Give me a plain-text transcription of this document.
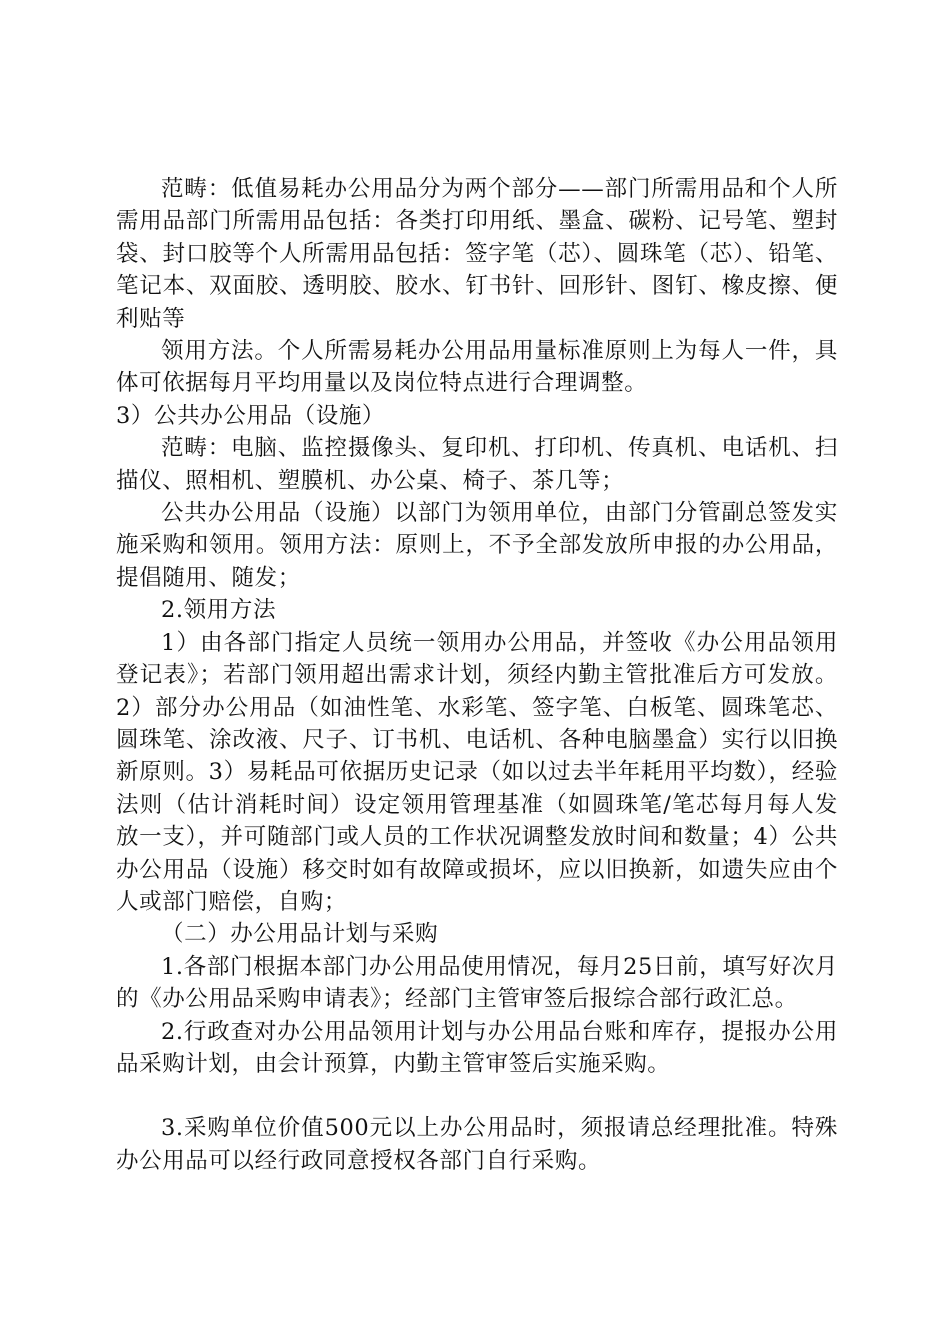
范畴：低值易耗办公用品分为两个部分——部门所需用品和个人所需用品部门所需用品包括：各类打印用纸、墨盒、碳粉、记号笔、塑封袋、封口胶等个人所需用品包括：签字笔（芯）、圆珠笔（芯）、铅笔、笔记本、双面胶、透明胶、胶水、钉书针、回形针、图钉、橡皮擦、便利贴等

领用方法。个人所需易耗办公用品用量标准原则上为每人一件，具体可依据每月平均用量以及岗位特点进行合理调整。

3）公共办公用品（设施）

范畴：电脑、监控摄像头、复印机、打印机、传真机、电话机、扫描仪、照相机、塑膜机、办公桌、椅子、茶几等；

公共办公用品（设施）以部门为领用单位，由部门分管副总签发实施采购和领用。领用方法：原则上，不予全部发放所申报的办公用品，提倡随用、随发；

2.领用方法

1）由各部门指定人员统一领用办公用品，并签收《办公用品领用登记表》；若部门领用超出需求计划，须经内勤主管批准后方可发放。2）部分办公用品（如油性笔、水彩笔、签字笔、白板笔、圆珠笔芯、圆珠笔、涂改液、尺子、订书机、电话机、各种电脑墨盒）实行以旧换新原则。3）易耗品可依据历史记录（如以过去半年耗用平均数），经验法则（估计消耗时间）设定领用管理基准（如圆珠笔/笔芯每月每人发放一支），并可随部门或人员的工作状况调整发放时间和数量；4）公共办公用品（设施）移交时如有故障或损坏，应以旧换新，如遗失应由个人或部门赔偿，自购；

（二）办公用品计划与采购

1.各部门根据本部门办公用品使用情况，每月25日前，填写好次月的《办公用品采购申请表》；经部门主管审签后报综合部行政汇总。

2.行政查对办公用品领用计划与办公用品台账和库存，提报办公用品采购计划，由会计预算，内勤主管审签后实施采购。

3.采购单位价值500元以上办公用品时，须报请总经理批准。特殊办公用品可以经行政同意授权各部门自行采购。
